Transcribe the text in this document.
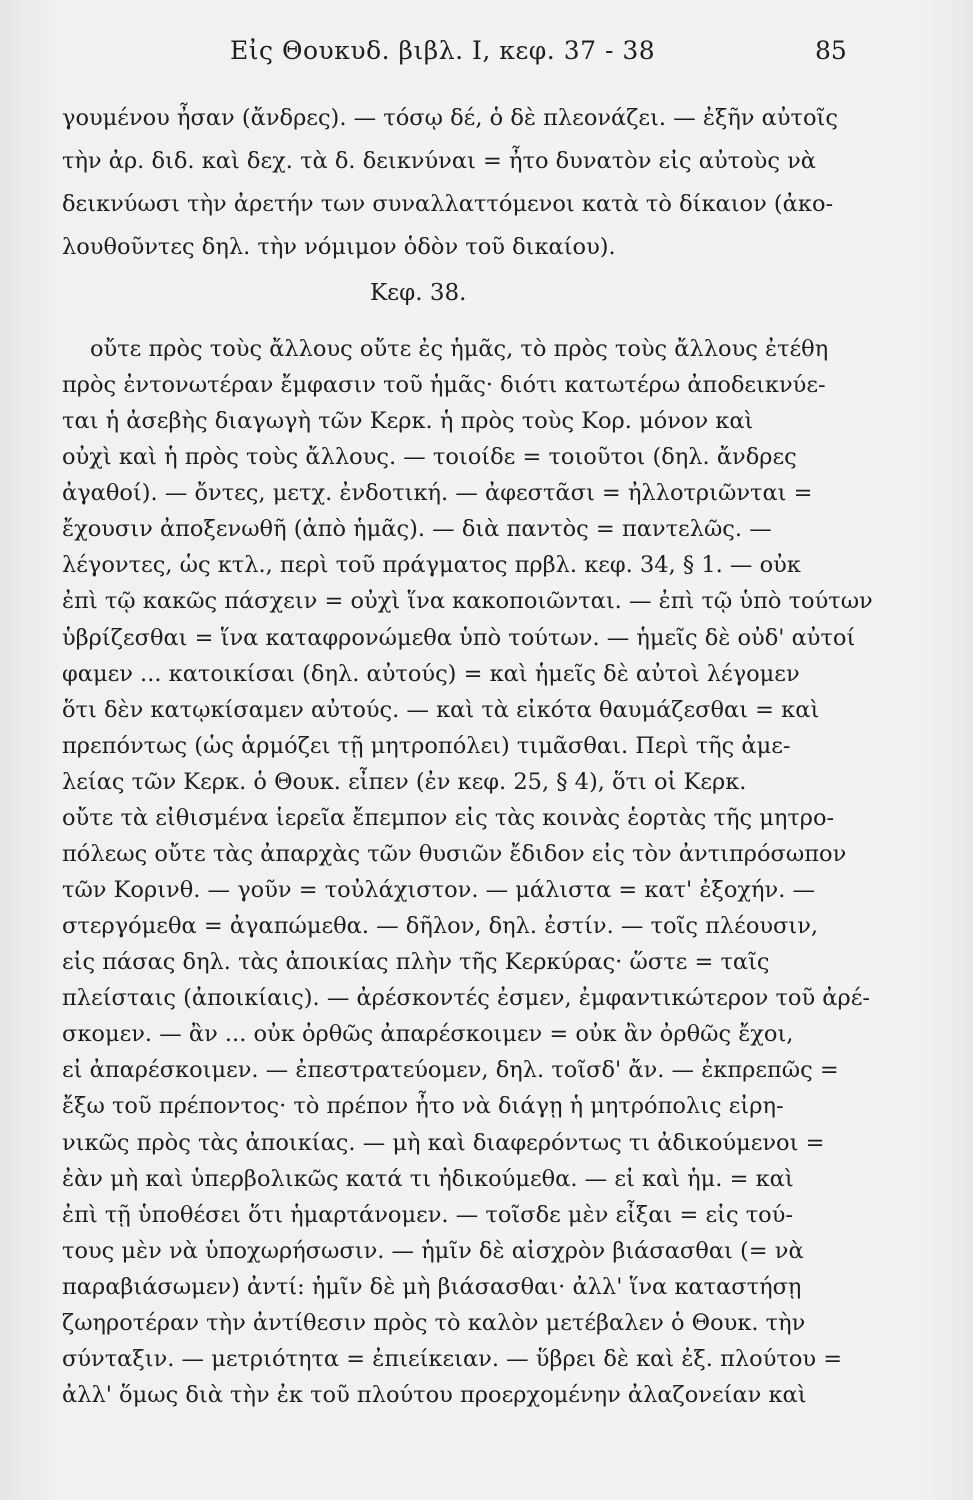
Εἰς Θουκυδ. βιβλ. I, κεφ. 37 - 38	85
γουμένου ἦσαν (ἄνδρες). — τόσῳ δέ, ὁ δὲ πλεονάζει. — ἐξῆν αὐτοῖς
τὴν ἀρ. διδ. καὶ δεχ. τὰ δ. δεικνύναι = ἦτο δυνατὸν εἰς αὐτοὺς νὰ
δεικνύωσι τὴν ἀρετήν των συναλλαττόμενοι κατὰ τὸ δίκαιον (ἀκο-
λουθοῦντες δηλ. τὴν νόμιμον ὁδὸν τοῦ δικαίου).
Κεφ. 38.
οὔτε πρὸς τοὺς ἄλλους οὔτε ἐς ἡμᾶς, τὸ πρὸς τοὺς ἄλλους ἐτέθη
πρὸς ἐντονωτέραν ἔμφασιν τοῦ ἡμᾶς· διότι κατωτέρω ἀποδεικνύε-
ται ἡ ἀσεβὴς διαγωγὴ τῶν Κερκ. ἡ πρὸς τοὺς Κορ. μόνον καὶ
οὐχὶ καὶ ἡ πρὸς τοὺς ἄλλους. — τοιοίδε = τοιοῦτοι (δηλ. ἄνδρες
ἀγαθοί). — ὄντες, μετχ. ἐνδοτική. — ἀφεστᾶσι = ἠλλοτριῶνται =
ἔχουσιν ἀποξενωθῆ (ἀπὸ ἡμᾶς). — διὰ παντὸς = παντελῶς. —
λέγοντες, ὡς κτλ., περὶ τοῦ πράγματος πρβλ. κεφ. 34, § 1. — οὐκ
ἐπὶ τῷ κακῶς πάσχειν = οὐχὶ ἵνα κακοποιῶνται. — ἐπὶ τῷ ὑπὸ τούτων
ὑβρίζεσθαι = ἵνα καταφρονώμεθα ὑπὸ τούτων. — ἡμεῖς δὲ οὐδ' αὐτοί
φαμεν ... κατοικίσαι (δηλ. αὐτούς) = καὶ ἡμεῖς δὲ αὐτοὶ λέγομεν
ὅτι δὲν κατῳκίσαμεν αὐτούς. — καὶ τὰ εἰκότα θαυμάζεσθαι = καὶ
πρεπόντως (ὡς ἁρμόζει τῇ μητροπόλει) τιμᾶσθαι. Περὶ τῆς ἀμε-
λείας τῶν Κερκ. ὁ Θουκ. εἶπεν (ἐν κεφ. 25, § 4), ὅτι οἱ Κερκ.
οὔτε τὰ εἰθισμένα ἱερεῖα ἔπεμπον εἰς τὰς κοινὰς ἑορτὰς τῆς μητρο-
πόλεως οὔτε τὰς ἀπαρχὰς τῶν θυσιῶν ἔδιδον εἰς τὸν ἀντιπρόσωπον
τῶν Κορινθ. — γοῦν = τοὐλάχιστον. — μάλιστα = κατ' ἐξοχήν. —
στεργόμεθα = ἀγαπώμεθα. — δῆλον, δηλ. ἐστίν. — τοῖς πλέουσιν,
εἰς πάσας δηλ. τὰς ἀποικίας πλὴν τῆς Κερκύρας· ὥστε = ταῖς
πλείσταις (ἀποικίαις). — ἀρέσκοντές ἐσμεν, ἐμφαντικώτερον τοῦ ἀρέ-
σκομεν. — ἂν ... οὐκ ὀρθῶς ἀπαρέσκοιμεν = οὐκ ἂν ὀρθῶς ἔχοι,
εἰ ἀπαρέσκοιμεν. — ἐπεστρατεύομεν, δηλ. τοῖσδ' ἄν. — ἐκπρεπῶς =
ἔξω τοῦ πρέποντος· τὸ πρέπον ἦτο νὰ διάγῃ ἡ μητρόπολις εἰρη-
νικῶς πρὸς τὰς ἀποικίας. — μὴ καὶ διαφερόντως τι ἀδικούμενοι =
ἐὰν μὴ καὶ ὑπερβολικῶς κατά τι ἠδικούμεθα. — εἰ καὶ ἡμ. = καὶ
ἐπὶ τῇ ὑποθέσει ὅτι ἡμαρτάνομεν. — τοῖσδε μὲν εἶξαι = εἰς τού-
τους μὲν νὰ ὑποχωρήσωσιν. — ἡμῖν δὲ αἰσχρὸν βιάσασθαι (= νὰ
παραβιάσωμεν) ἀντί: ἡμῖν δὲ μὴ βιάσασθαι· ἀλλ' ἵνα καταστήσῃ
ζωηροτέραν τὴν ἀντίθεσιν πρὸς τὸ καλὸν μετέβαλεν ὁ Θουκ. τὴν
σύνταξιν. — μετριότητα = ἐπιείκειαν. — ὕβρει δὲ καὶ ἐξ. πλούτου =
ἀλλ' ὅμως διὰ τὴν ἐκ τοῦ πλούτου προερχομένην ἀλαζονείαν καὶ
